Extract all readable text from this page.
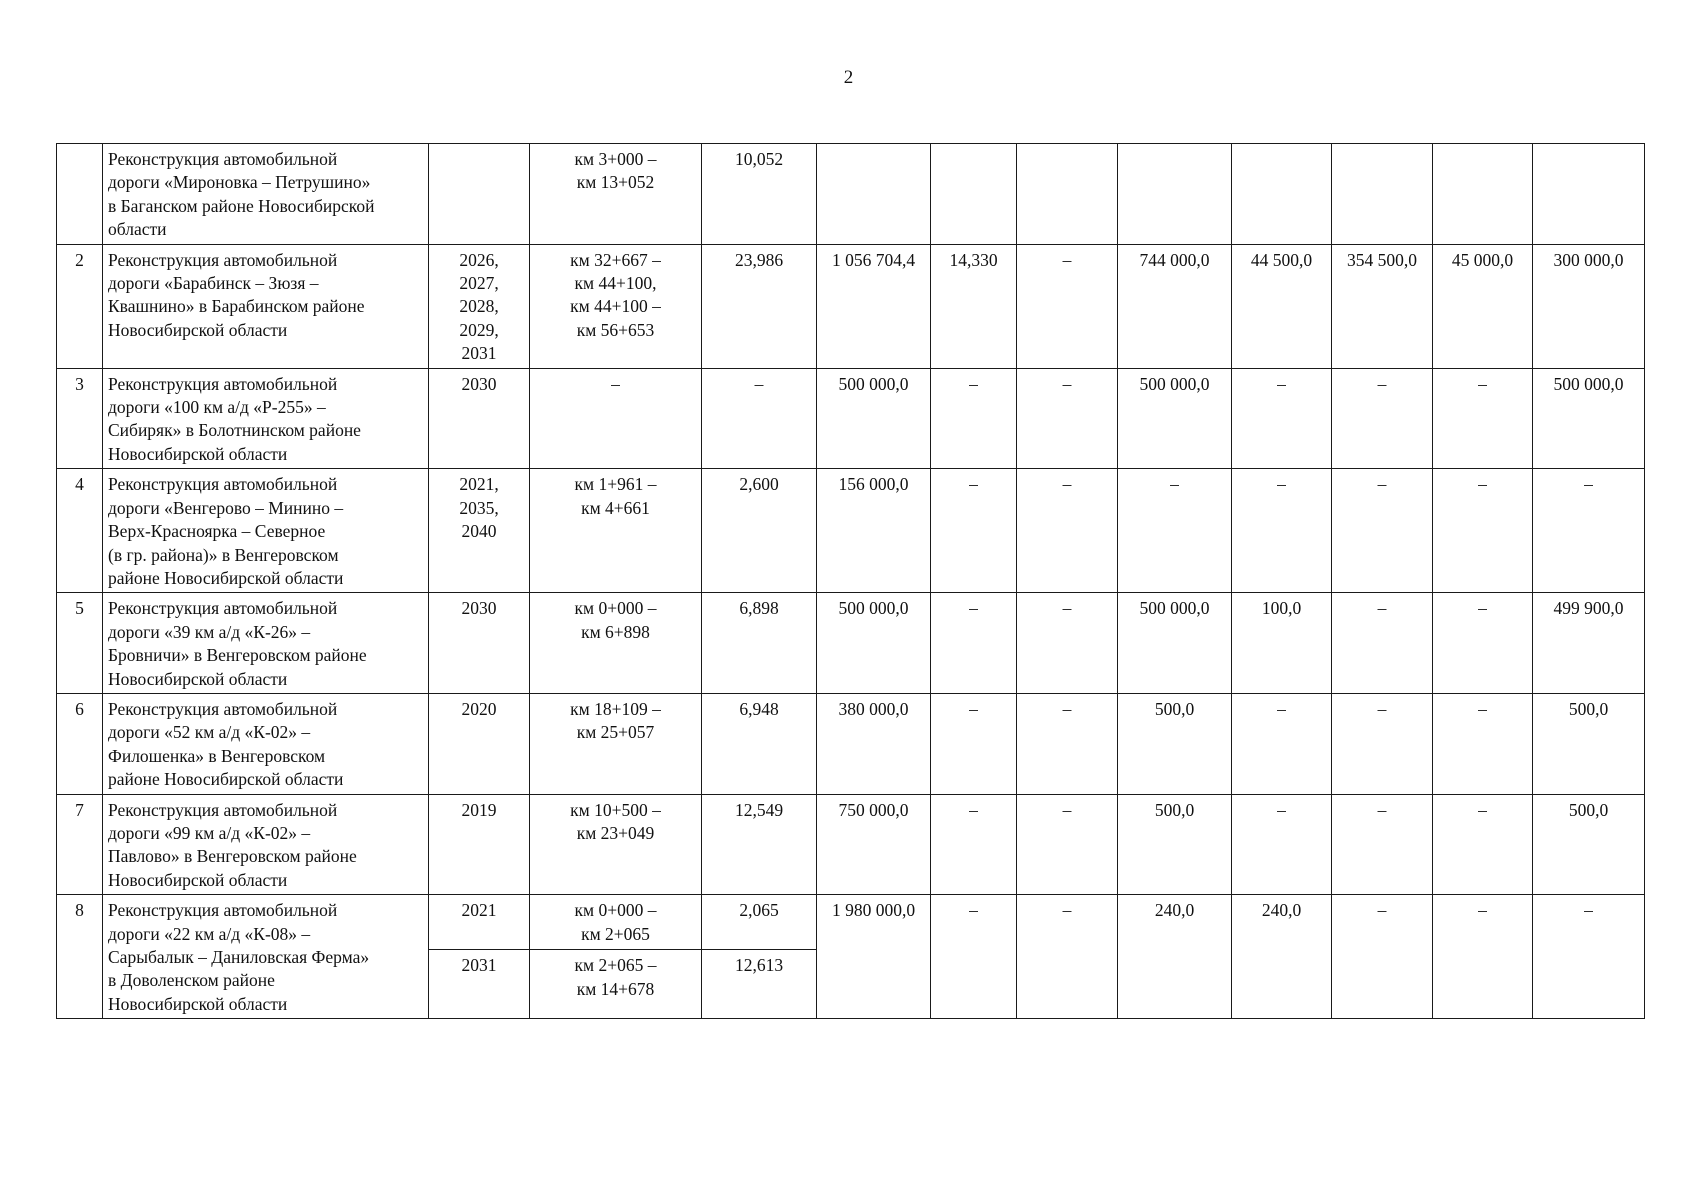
2
	Реконструкция автомобильной
дороги «Мироновка – Петрушино»
в Баганском районе Новосибирской
области		км 3+000 –
км 13+052	10,052								
2	Реконструкция автомобильной
дороги «Барабинск – Зюзя –
Квашнино» в Барабинском районе
Новосибирской области	2026,
2027,
2028,
2029,
2031	км 32+667 –
км 44+100,
км 44+100 –
км 56+653	23,986	1 056 704,4	14,330	–	744 000,0	44 500,0	354 500,0	45 000,0	300 000,0
3	Реконструкция автомобильной
дороги «100 км а/д «Р-255» –
Сибиряк» в Болотнинском районе
Новосибирской области	2030	–	–	500 000,0	–	–	500 000,0	–	–	–	500 000,0
4	Реконструкция автомобильной
дороги «Венгерово – Минино –
Верх-Красноярка – Северное
(в гр. района)» в Венгеровском
районе Новосибирской области	2021,
2035,
2040	км 1+961 –
км 4+661	2,600	156 000,0	–	–	–	–	–	–	–
5	Реконструкция автомобильной
дороги «39 км а/д «К-26» –
Бровничи» в Венгеровском районе
Новосибирской области	2030	км 0+000 –
км 6+898	6,898	500 000,0	–	–	500 000,0	100,0	–	–	499 900,0
6	Реконструкция автомобильной
дороги «52 км а/д «К-02» –
Филошенка» в Венгеровском
районе Новосибирской области	2020	км 18+109 –
км 25+057	6,948	380 000,0	–	–	500,0	–	–	–	500,0
7	Реконструкция автомобильной
дороги «99 км а/д «К-02» –
Павлово» в Венгеровском районе
Новосибирской области	2019	км 10+500 –
км 23+049	12,549	750 000,0	–	–	500,0	–	–	–	500,0
8	Реконструкция автомобильной
дороги «22 км а/д «К-08» –
Сарыбалык – Даниловская Ферма»
в Доволенском районе
Новосибирской области	2021	км 0+000 –
км 2+065	2,065	1 980 000,0	–	–	240,0	240,0	–	–	–
		2031	км 2+065 –
км 14+678	12,613								
